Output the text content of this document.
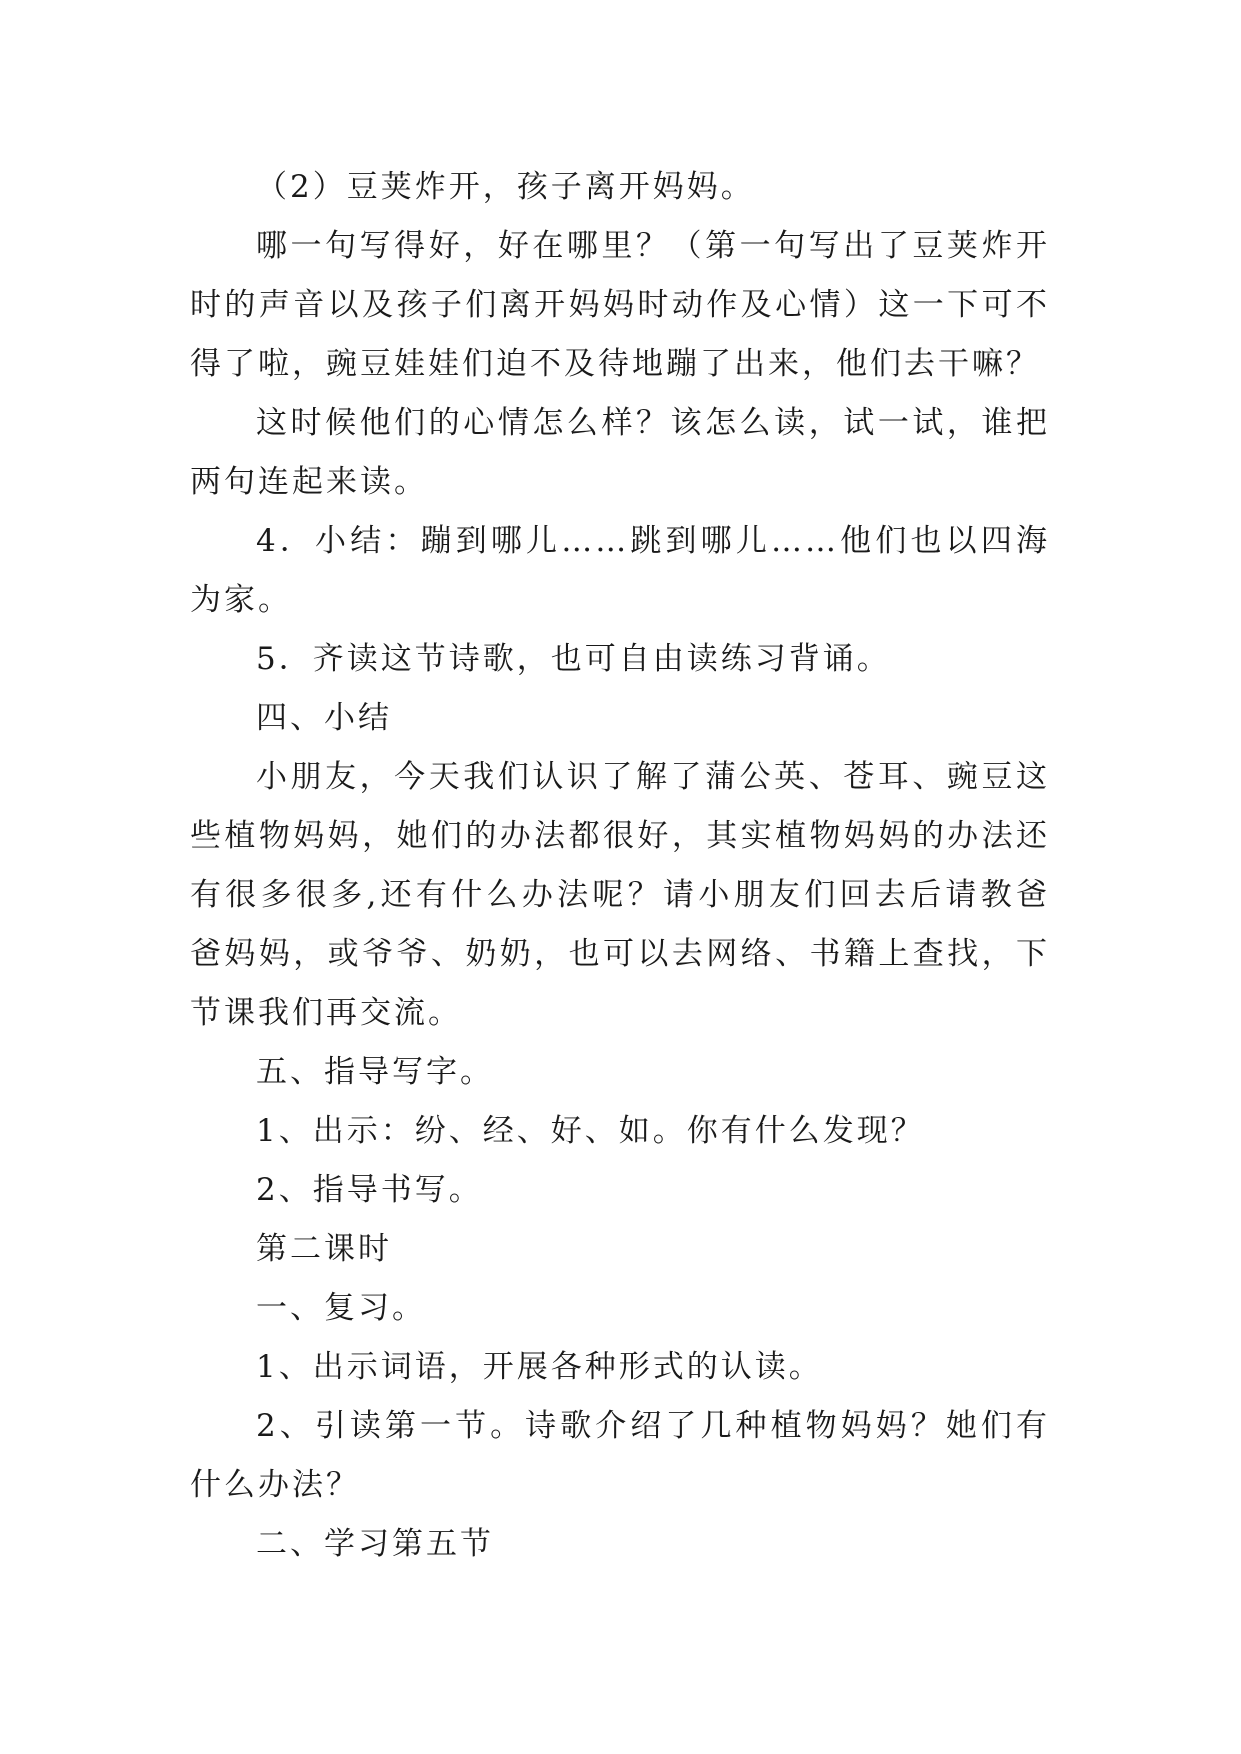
（2）豆荚炸开，孩子离开妈妈。

哪一句写得好，好在哪里？（第一句写出了豆荚炸开时的声音以及孩子们离开妈妈时动作及心情）这一下可不得了啦，豌豆娃娃们迫不及待地蹦了出来，他们去干嘛？

这时候他们的心情怎么样？该怎么读，试一试，谁把两句连起来读。

4．小结：蹦到哪儿……跳到哪儿……他们也以四海为家。

5．齐读这节诗歌，也可自由读练习背诵。

四、小结

小朋友，今天我们认识了解了蒲公英、苍耳、豌豆这些植物妈妈，她们的办法都很好，其实植物妈妈的办法还有很多很多,还有什么办法呢？请小朋友们回去后请教爸爸妈妈，或爷爷、奶奶，也可以去网络、书籍上查找，下节课我们再交流。

五、指导写字。

1、出示：纷、经、好、如。你有什么发现？

2、指导书写。

第二课时

一、复习。

1、出示词语，开展各种形式的认读。

2、引读第一节。诗歌介绍了几种植物妈妈？她们有什么办法？

二、学习第五节
